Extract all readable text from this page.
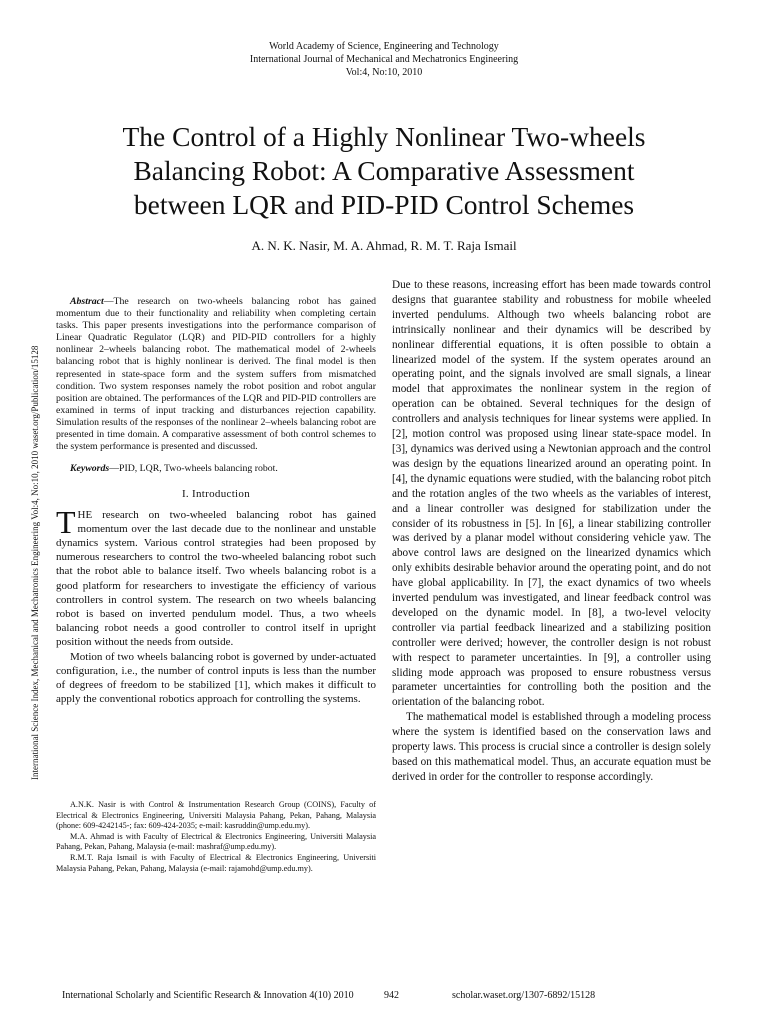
World Academy of Science, Engineering and Technology
International Journal of Mechanical and Mechatronics Engineering
Vol:4, No:10, 2010
The Control of a Highly Nonlinear Two-wheels
Balancing Robot: A Comparative Assessment
between LQR and PID-PID Control Schemes
A. N. K. Nasir, M. A. Ahmad, R. M. T. Raja Ismail
International Science Index, Mechanical and Mechatronics Engineering Vol:4, No:10, 2010 waset.org/Publication/15128

Abstract—The research on two-wheels balancing robot has gained momentum due to their functionality and reliability when completing certain tasks. This paper presents investigations into the performance comparison of Linear Quadratic Regulator (LQR) and PID-PID controllers for a highly nonlinear 2–wheels balancing robot. The mathematical model of 2-wheels balancing robot that is highly nonlinear is derived. The final model is then represented in state-space form and the system suffers from mismatched condition. Two system responses namely the robot position and robot angular position are obtained. The performances of the LQR and PID-PID controllers are examined in terms of input tracking and disturbances rejection capability. Simulation results of the responses of the nonlinear 2–wheels balancing robot are presented in time domain. A comparative assessment of both control schemes to the system performance is presented and discussed.

Keywords—PID, LQR, Two-wheels balancing robot.

I. Introduction

THE research on two-wheeled balancing robot has gained momentum over the last decade due to the nonlinear and unstable dynamics system. Various control strategies had been proposed by numerous researchers to control the two-wheeled balancing robot such that the robot able to balance itself. Two wheels balancing robot is a good platform for researchers to investigate the efficiency of various controllers in control system. The research on two wheels balancing robot is based on inverted pendulum model. Thus, a two wheels balancing robot needs a good controller to control itself in upright position without the needs from outside.

Motion of two wheels balancing robot is governed by under-actuated configuration, i.e., the number of control inputs is less than the number of degrees of freedom to be stabilized [1], which makes it difficult to apply the conventional robotics approach for controlling the systems.

Due to these reasons, increasing effort has been made towards control designs that guarantee stability and robustness for mobile wheeled inverted pendulums. Although two wheels balancing robot are intrinsically nonlinear and their dynamics will be described by nonlinear differential equations, it is often possible to obtain a linearized model of the system. If the system operates around an operating point, and the signals involved are small signals, a linear model that approximates the nonlinear system in the region of operation can be obtained. Several techniques for the design of controllers and analysis techniques for linear systems were applied. In [2], motion control was proposed using linear state-space model. In [3], dynamics was derived using a Newtonian approach and the control was design by the equations linearized around an operating point. In [4], the dynamic equations were studied, with the balancing robot pitch and the rotation angles of the two wheels as the variables of interest, and a linear controller was designed for stabilization under the consider of its robustness in [5]. In [6], a linear stabilizing controller was derived by a planar model without considering vehicle yaw. The above control laws are designed on the linearized dynamics which only exhibits desirable behavior around the operating point, and do not have global applicability. In [7], the exact dynamics of two wheels inverted pendulum was investigated, and linear feedback control was developed on the dynamic model. In [8], a two-level velocity controller via partial feedback linearized and a stabilizing position controller were derived; however, the controller design is not robust with respect to parameter uncertainties. In [9], a controller using sliding mode approach was proposed to ensure robustness versus parameter uncertainties for controlling both the position and the orientation of the balancing robot.

The mathematical model is established through a modeling process where the system is identified based on the conservation laws and property laws. This process is crucial since a controller is design solely based on this mathematical model. Thus, an accurate equation must be derived in order for the controller to response accordingly.

A.N.K. Nasir is with Control & Instrumentation Research Group (COINS), Faculty of Electrical & Electronics Engineering, Universiti Malaysia Pahang, Pekan, Pahang, Malaysia (phone: 609-4242145-; fax: 609-424-2035; e-mail: kasruddin@ump.edu.my).

M.A. Ahmad is with Faculty of Electrical & Electronics Engineering, Universiti Malaysia Pahang, Pekan, Pahang, Malaysia (e-mail: mashraf@ump.edu.my).

R.M.T. Raja Ismail is with Faculty of Electrical & Electronics Engineering, Universiti Malaysia Pahang, Pekan, Pahang, Malaysia (e-mail: rajamohd@ump.edu.my).

International Scholarly and Scientific Research & Innovation 4(10) 2010	942	scholar.waset.org/1307-6892/15128
